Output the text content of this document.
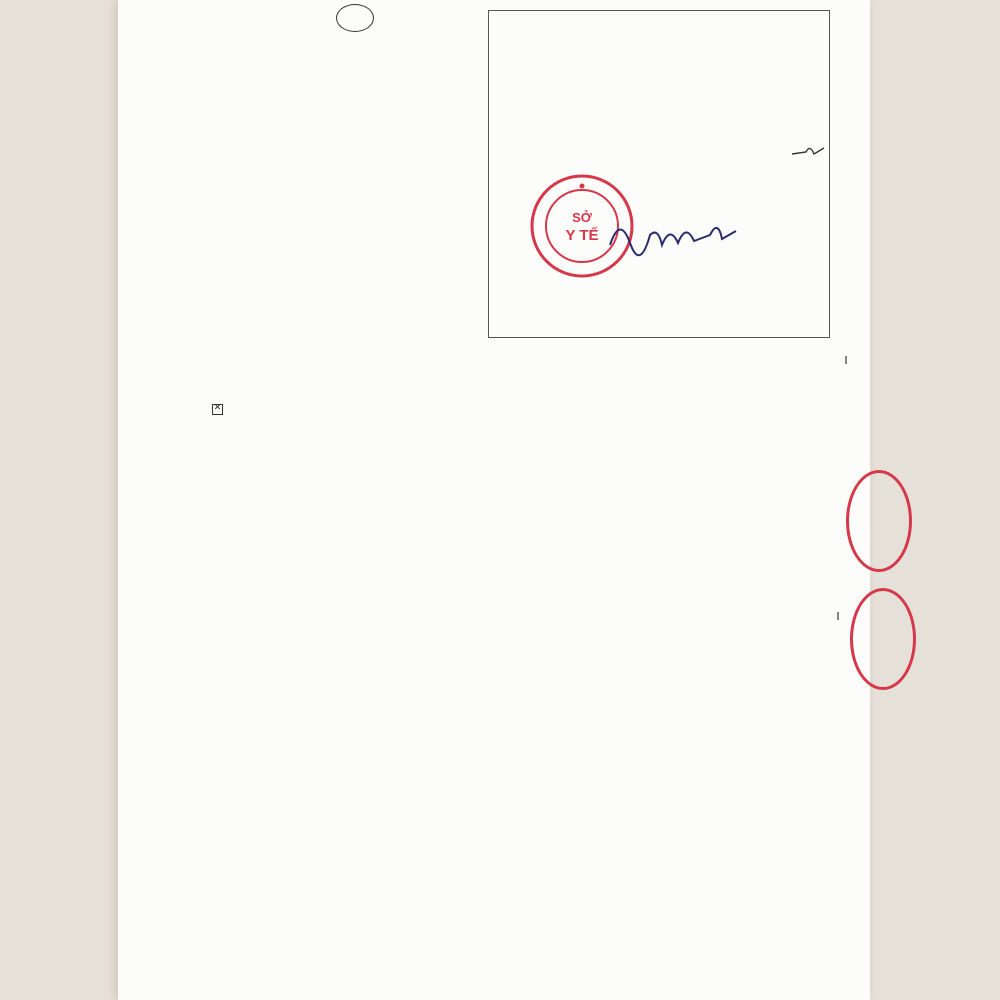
SỞ
Y TẾ
ı
ı
✕
